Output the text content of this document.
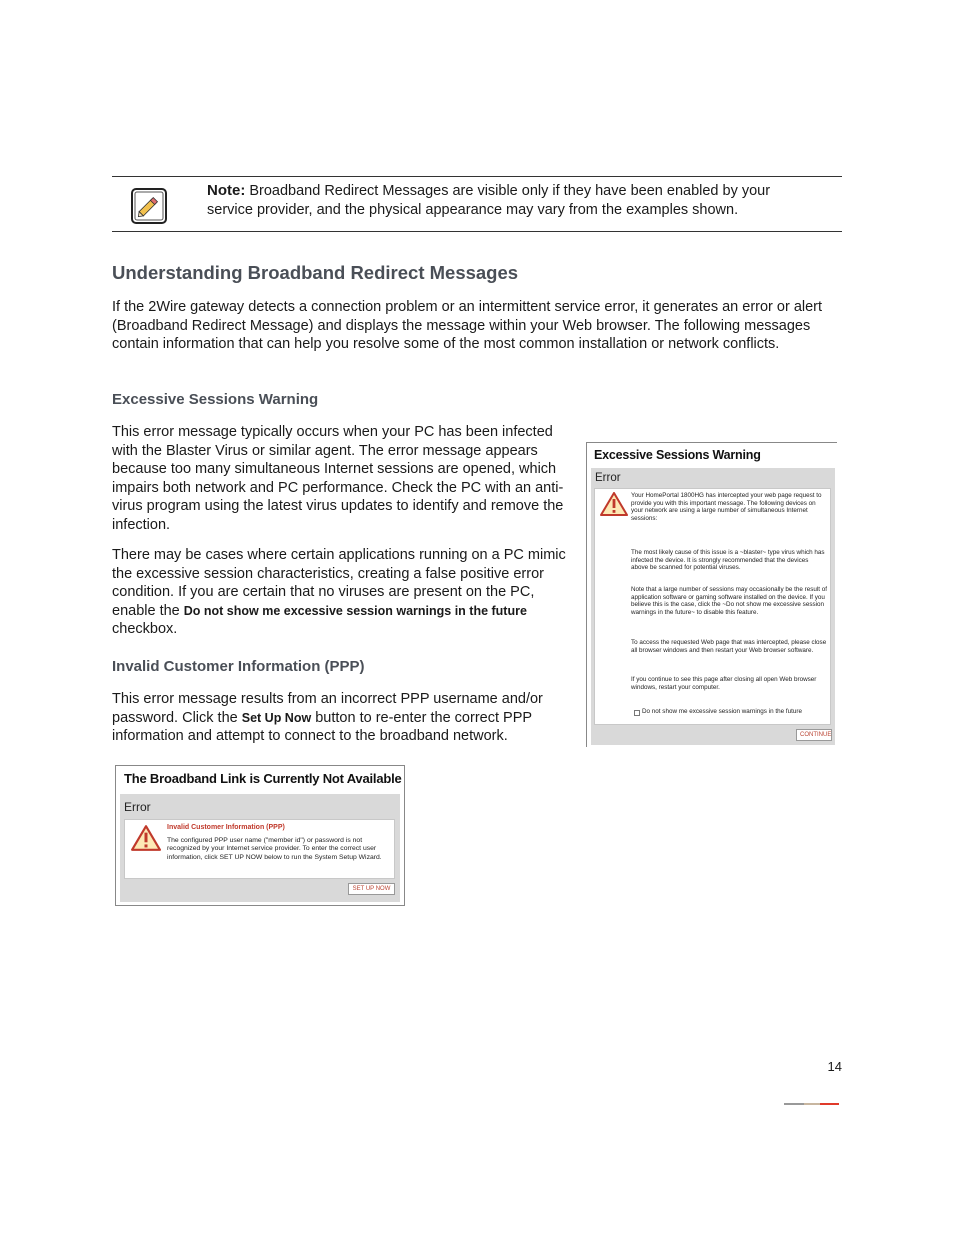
Note: Broadband Redirect Messages are visible only if they have been enabled by your service provider, and the physical appearance may vary from the examples shown.
Understanding Broadband Redirect Messages

If the 2Wire gateway detects a connection problem or an intermittent service error, it generates an error or alert (Broadband Redirect Message) and displays the message within your Web browser. The following messages contain information that can help you resolve some of the most common installation or network conflicts.

Excessive Sessions Warning

This error message typically occurs when your PC has been infected with the Blaster Virus or similar agent. The error message appears because too many simultaneous Internet sessions are opened, which impairs both network and PC performance. Check the PC with an anti-virus program using the latest virus updates to identify and remove the infection.

There may be cases where certain applications running on a PC mimic the excessive session characteristics, creating a false positive error condition. If you are certain that no viruses are present on the PC, enable the Do not show me excessive session warnings in the future checkbox.

Invalid Customer Information (PPP)

This error message results from an incorrect PPP username and/or password. Click the Set Up Now button to re-enter the correct PPP information and attempt to connect to the broadband network.

Excessive Sessions Warning
Error
Your HomePortal 1800HG has intercepted your web page request to provide you with this important message. The following devices on your network are using a large number of simultaneous Internet sessions:
The most likely cause of this issue is a ~blaster~ type virus which has infected the device. It is strongly recommended that the devices above be scanned for potential viruses.
Note that a large number of sessions may occasionally be the result of application software or gaming software installed on the device. If you believe this is the case, click the ~Do not show me excessive session warnings in the future~ to disable this feature.
To access the requested Web page that was intercepted, please close all browser windows and then restart your Web browser software.
If you continue to see this page after closing all open Web browser windows, restart your computer.
Do not show me excessive session warnings in the future
CONTINUE
The Broadband Link is Currently Not Available
Error
Invalid Customer Information (PPP)
The configured PPP user name ("member id") or password is not recognized by your Internet service provider. To enter the correct user information, click SET UP NOW below to run the System Setup Wizard.
SET UP NOW
14
